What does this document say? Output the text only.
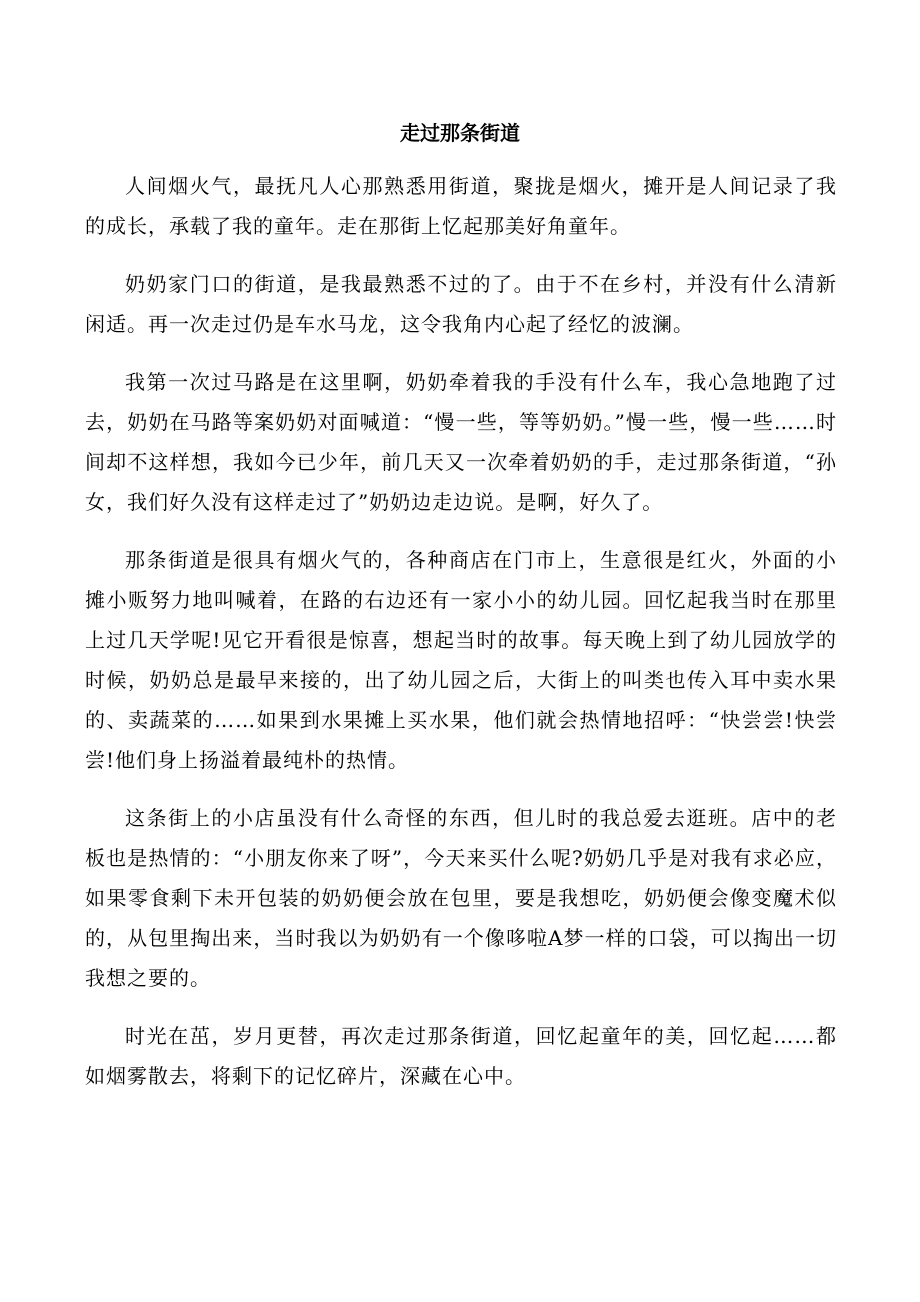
走过那条街道

人间烟火气，最抚凡人心那熟悉用街道，聚拢是烟火，摊开是人间记录了我的成长，承载了我的童年。走在那街上忆起那美好角童年。

奶奶家门口的街道，是我最熟悉不过的了。由于不在乡村，并没有什么清新闲适。再一次走过仍是车水马龙，这令我角内心起了经忆的波澜。

我第一次过马路是在这里啊，奶奶牵着我的手没有什么车，我心急地跑了过去，奶奶在马路等案奶奶对面喊道：“慢一些，等等奶奶。”慢一些，慢一些……时间却不这样想，我如今已少年，前几天又一次牵着奶奶的手，走过那条街道，“孙女，我们好久没有这样走过了”奶奶边走边说。是啊，好久了。

那条街道是很具有烟火气的，各种商店在门市上，生意很是红火，外面的小摊小贩努力地叫喊着，在路的右边还有一家小小的幼儿园。回忆起我当时在那里上过几天学呢!见它开看很是惊喜，想起当时的故事。每天晚上到了幼儿园放学的时候，奶奶总是最早来接的，出了幼儿园之后，大街上的叫类也传入耳中卖水果的、卖蔬菜的……如果到水果摊上买水果，他们就会热情地招呼：“快尝尝!快尝尝!他们身上扬溢着最纯朴的热情。

这条街上的小店虽没有什么奇怪的东西，但儿时的我总爱去逛班。店中的老板也是热情的：“小朋友你来了呀”，今天来买什么呢?奶奶几乎是对我有求必应，如果零食剩下未开包装的奶奶便会放在包里，要是我想吃，奶奶便会像变魔术似的，从包里掏出来，当时我以为奶奶有一个像哆啦A梦一样的口袋，可以掏出一切我想之要的。

时光在茁，岁月更替，再次走过那条街道，回忆起童年的美，回忆起……都如烟雾散去，将剩下的记忆碎片，深藏在心中。
